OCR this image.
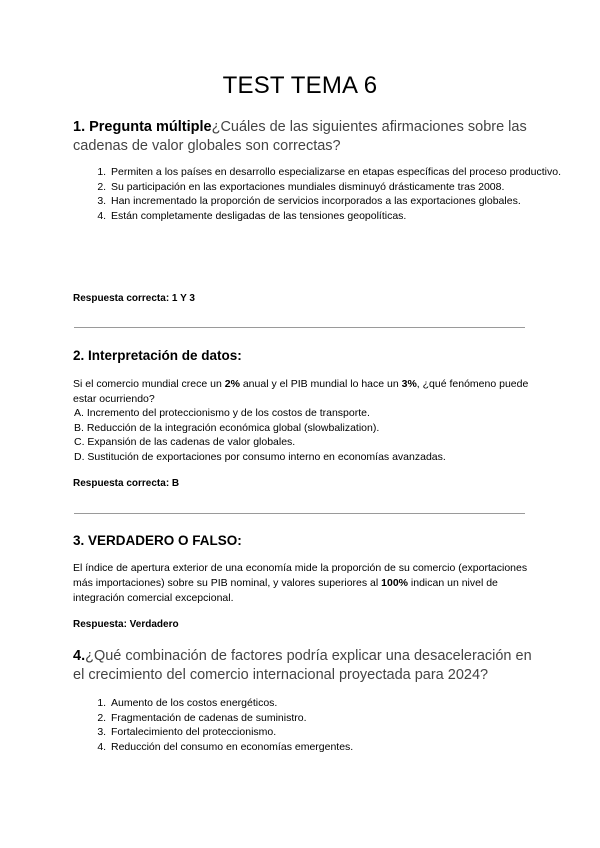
TEST TEMA 6

1. Pregunta múltiple¿Cuáles de las siguientes afirmaciones sobre las cadenas de valor globales son correctas?

1. Permiten a los países en desarrollo especializarse en etapas específicas del proceso productivo.
2. Su participación en las exportaciones mundiales disminuyó drásticamente tras 2008.
3. Han incrementado la proporción de servicios incorporados a las exportaciones globales.
4. Están completamente desligadas de las tensiones geopolíticas.

Respuesta correcta: 1 Y 3

2. Interpretación de datos:

Si el comercio mundial crece un 2% anual y el PIB mundial lo hace un 3%, ¿qué fenómeno puede estar ocurriendo?

A. Incremento del proteccionismo y de los costos de transporte.
B. Reducción de la integración económica global (slowbalization).
C. Expansión de las cadenas de valor globales.
D. Sustitución de exportaciones por consumo interno en economías avanzadas.

Respuesta correcta: B

3. VERDADERO O FALSO:

El índice de apertura exterior de una economía mide la proporción de su comercio (exportaciones más importaciones) sobre su PIB nominal, y valores superiores al 100% indican un nivel de integración comercial excepcional.

Respuesta: Verdadero

4.¿Qué combinación de factores podría explicar una desaceleración en el crecimiento del comercio internacional proyectada para 2024?

1. Aumento de los costos energéticos.
2. Fragmentación de cadenas de suministro.
3. Fortalecimiento del proteccionismo.
4. Reducción del consumo en economías emergentes.
